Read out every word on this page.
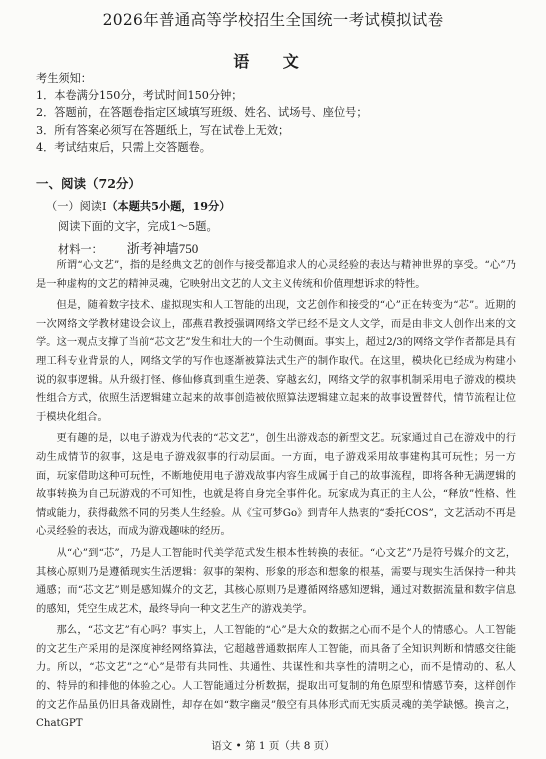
2026年普通高等学校招生全国统一考试模拟试卷
语 文
考生须知：
1．本卷满分150分，考试时间150分钟；
2．答题前，在答题卷指定区域填写班级、姓名、试场号、座位号；
3．所有答案必须写在答题纸上，写在试卷上无效；
4．考试结束后，只需上交答题卷。
一、阅读（72分）
（一）阅读Ⅰ（本题共5小题，19分）
阅读下面的文字，完成1～5题。
材料一： 浙考神墙750

所谓“心文艺”，指的是经典文艺的创作与接受都追求人的心灵经验的表达与精神世界的享受。“心”乃是一种虚构的文艺的精神灵魂，它映射出文艺的人文主义传统和价值理想诉求的特性。

但是，随着数字技术、虚拟现实和人工智能的出现，文艺创作和接受的“心”正在转变为“芯”。近期的一次网络文学教材建设会议上，邵燕君教授强调网络文学已经不是文人文学，而是由非文人创作出来的文学。这一观点支撑了当前“芯文艺”发生和壮大的一个生动侧面。事实上，超过2/3的网络文学作者都是具有理工科专业背景的人，网络文学的写作也逐渐被算法式生产的制作取代。在这里，模块化已经成为构建小说的叙事逻辑。从升级打怪、修仙修真到重生逆袭、穿越玄幻，网络文学的叙事机制采用电子游戏的模块性组合方式，依照生活逻辑建立起来的故事创造被依照算法逻辑建立起来的故事设置替代，情节流程让位于模块化组合。

更有趣的是，以电子游戏为代表的“芯文艺”，创生出游戏态的新型文艺。玩家通过自己在游戏中的行动生成情节的叙事，这是电子游戏叙事的行动层面。一方面，电子游戏采用故事建构其可玩性；另一方面，玩家借助这种可玩性，不断地使用电子游戏故事内容生成属于自己的故事流程，即将各种无满逻辑的故事转换为自己玩游戏的不可知性，也就是将自身完全事件化。玩家成为真正的主人公，“释放”性格、性情或能力，获得截然不同的另类人生经验。从《宝可梦Go》到青年人热衷的“委托COS”，文艺活动不再是心灵经验的表达，而成为游戏趣味的经历。

从“心”到“芯”，乃是人工智能时代美学范式发生根本性转换的表征。“心文艺”乃是符号媒介的文艺，其核心原则乃是遵循现实生活逻辑：叙事的架构、形象的形态和想象的根基，需要与现实生活保持一种共通感；而“芯文艺”则是感知媒介的文艺，其核心原则乃是遵循网络感知逻辑，通过对数据流量和数字信息的感知，凭空生成艺术，最终导向一种文艺生产的游戏美学。

那么，“芯文艺”有心吗？事实上，人工智能的“心”是大众的数据之心而不是个人的情感心。人工智能的文艺生产采用的是深度神经网络算法，它超越普通数据库人工智能，而具备了全知识判断和情感交往能力。所以，“芯文艺”之“心”是带有共同性、共通性、共谋性和共享性的清明之心，而不是情动的、私人的、特异的和排他的体验之心。人工智能通过分析数据，提取出可复制的角色原型和情感节奏，这样创作的文艺作品虽仍旧具备戏剧性，却存在如“数字幽灵”般空有具体形式而无实质灵魂的美学缺憾。换言之，ChatGPT

语文 • 第 1 页（共 8 页）
